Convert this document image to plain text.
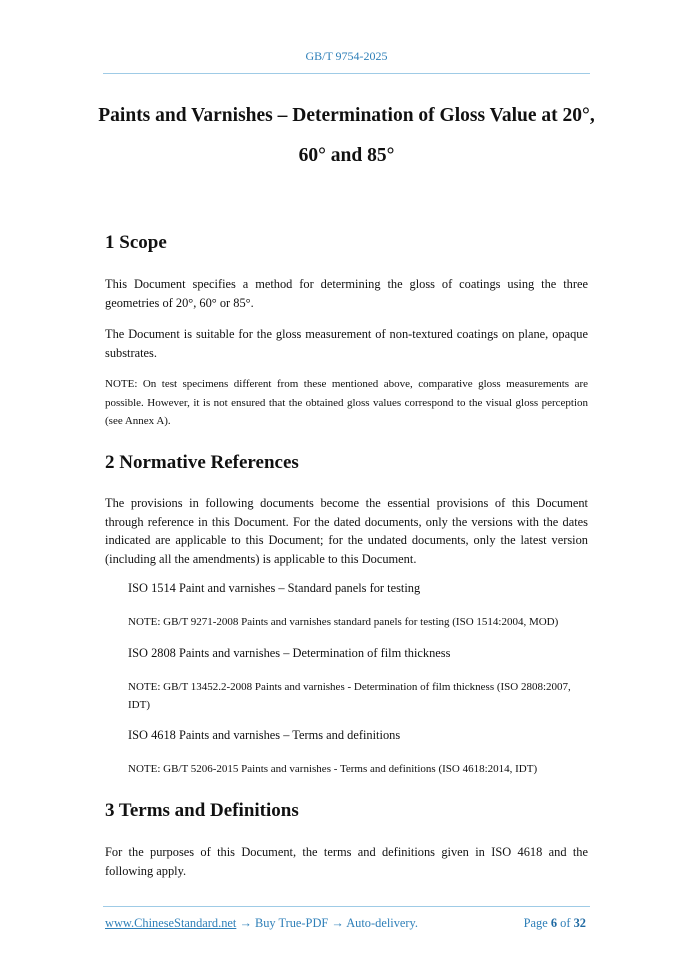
GB/T 9754-2025
Paints and Varnishes – Determination of Gloss Value at 20°,
60° and 85°
1 Scope
This Document specifies a method for determining the gloss of coatings using the three geometries of 20°, 60° or 85°.
The Document is suitable for the gloss measurement of non-textured coatings on plane, opaque substrates.
NOTE: On test specimens different from these mentioned above, comparative gloss measurements are possible. However, it is not ensured that the obtained gloss values correspond to the visual gloss perception (see Annex A).
2 Normative References
The provisions in following documents become the essential provisions of this Document through reference in this Document. For the dated documents, only the versions with the dates indicated are applicable to this Document; for the undated documents, only the latest version (including all the amendments) is applicable to this Document.
ISO 1514 Paint and varnishes – Standard panels for testing
NOTE: GB/T 9271-2008 Paints and varnishes standard panels for testing (ISO 1514:2004, MOD)
ISO 2808 Paints and varnishes – Determination of film thickness
NOTE: GB/T 13452.2-2008 Paints and varnishes - Determination of film thickness (ISO 2808:2007, IDT)
ISO 4618 Paints and varnishes – Terms and definitions
NOTE: GB/T 5206-2015 Paints and varnishes - Terms and definitions (ISO 4618:2014, IDT)
3 Terms and Definitions
For the purposes of this Document, the terms and definitions given in ISO 4618 and the following apply.
www.ChineseStandard.net → Buy True-PDF → Auto-delivery.	Page 6 of 32
